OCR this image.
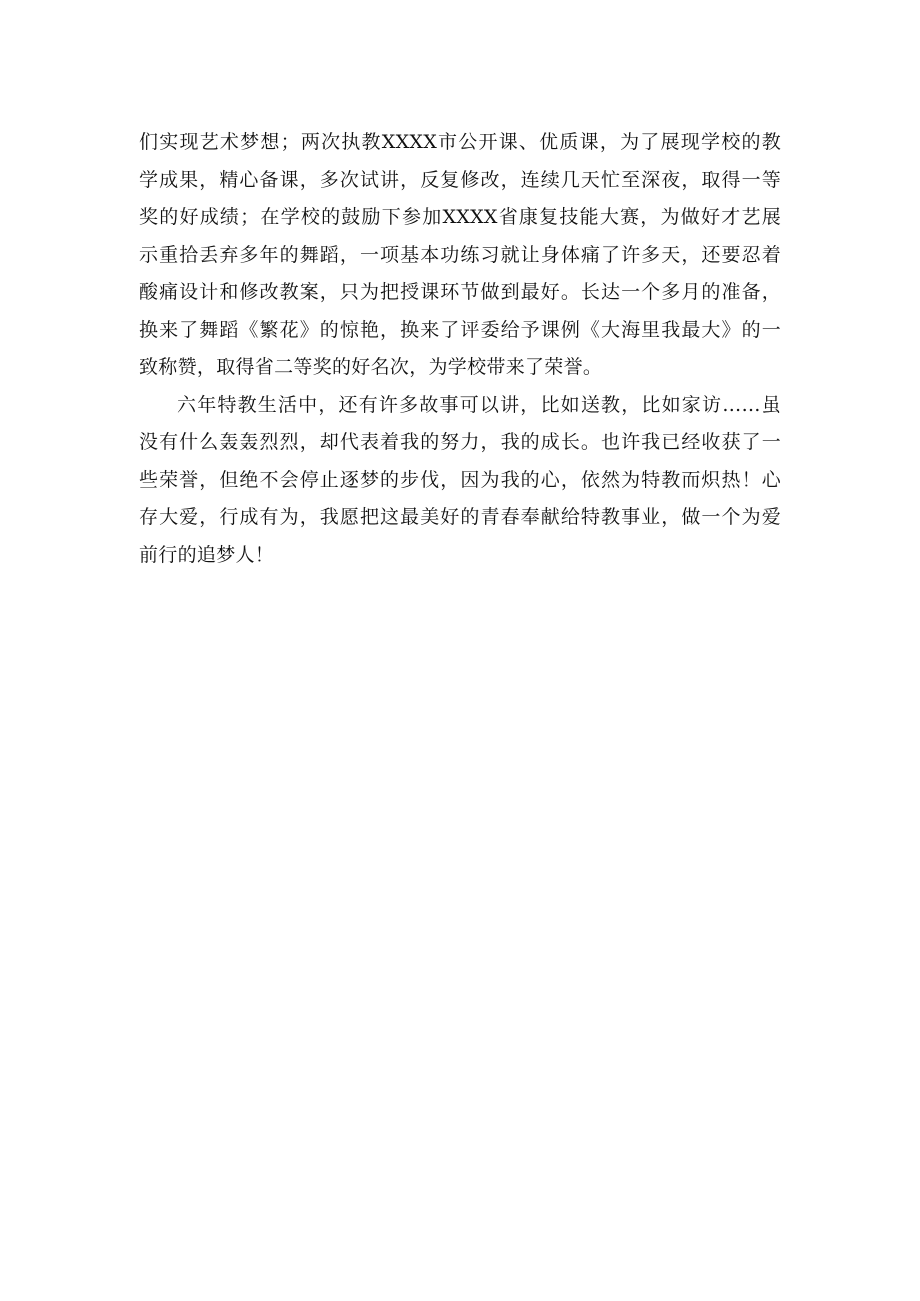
们实现艺术梦想；两次执教XXXX市公开课、优质课，为了展现学校的教
学成果，精心备课，多次试讲，反复修改，连续几天忙至深夜，取得一等
奖的好成绩；在学校的鼓励下参加XXXX省康复技能大赛，为做好才艺展
示重拾丢弃多年的舞蹈，一项基本功练习就让身体痛了许多天，还要忍着
酸痛设计和修改教案，只为把授课环节做到最好。长达一个多月的准备，
换来了舞蹈《繁花》的惊艳，换来了评委给予课例《大海里我最大》的一
致称赞，取得省二等奖的好名次，为学校带来了荣誉。
六年特教生活中，还有许多故事可以讲，比如送教，比如家访……虽
没有什么轰轰烈烈，却代表着我的努力，我的成长。也许我已经收获了一
些荣誉，但绝不会停止逐梦的步伐，因为我的心，依然为特教而炽热！心
存大爱，行成有为，我愿把这最美好的青春奉献给特教事业，做一个为爱
前行的追梦人！
